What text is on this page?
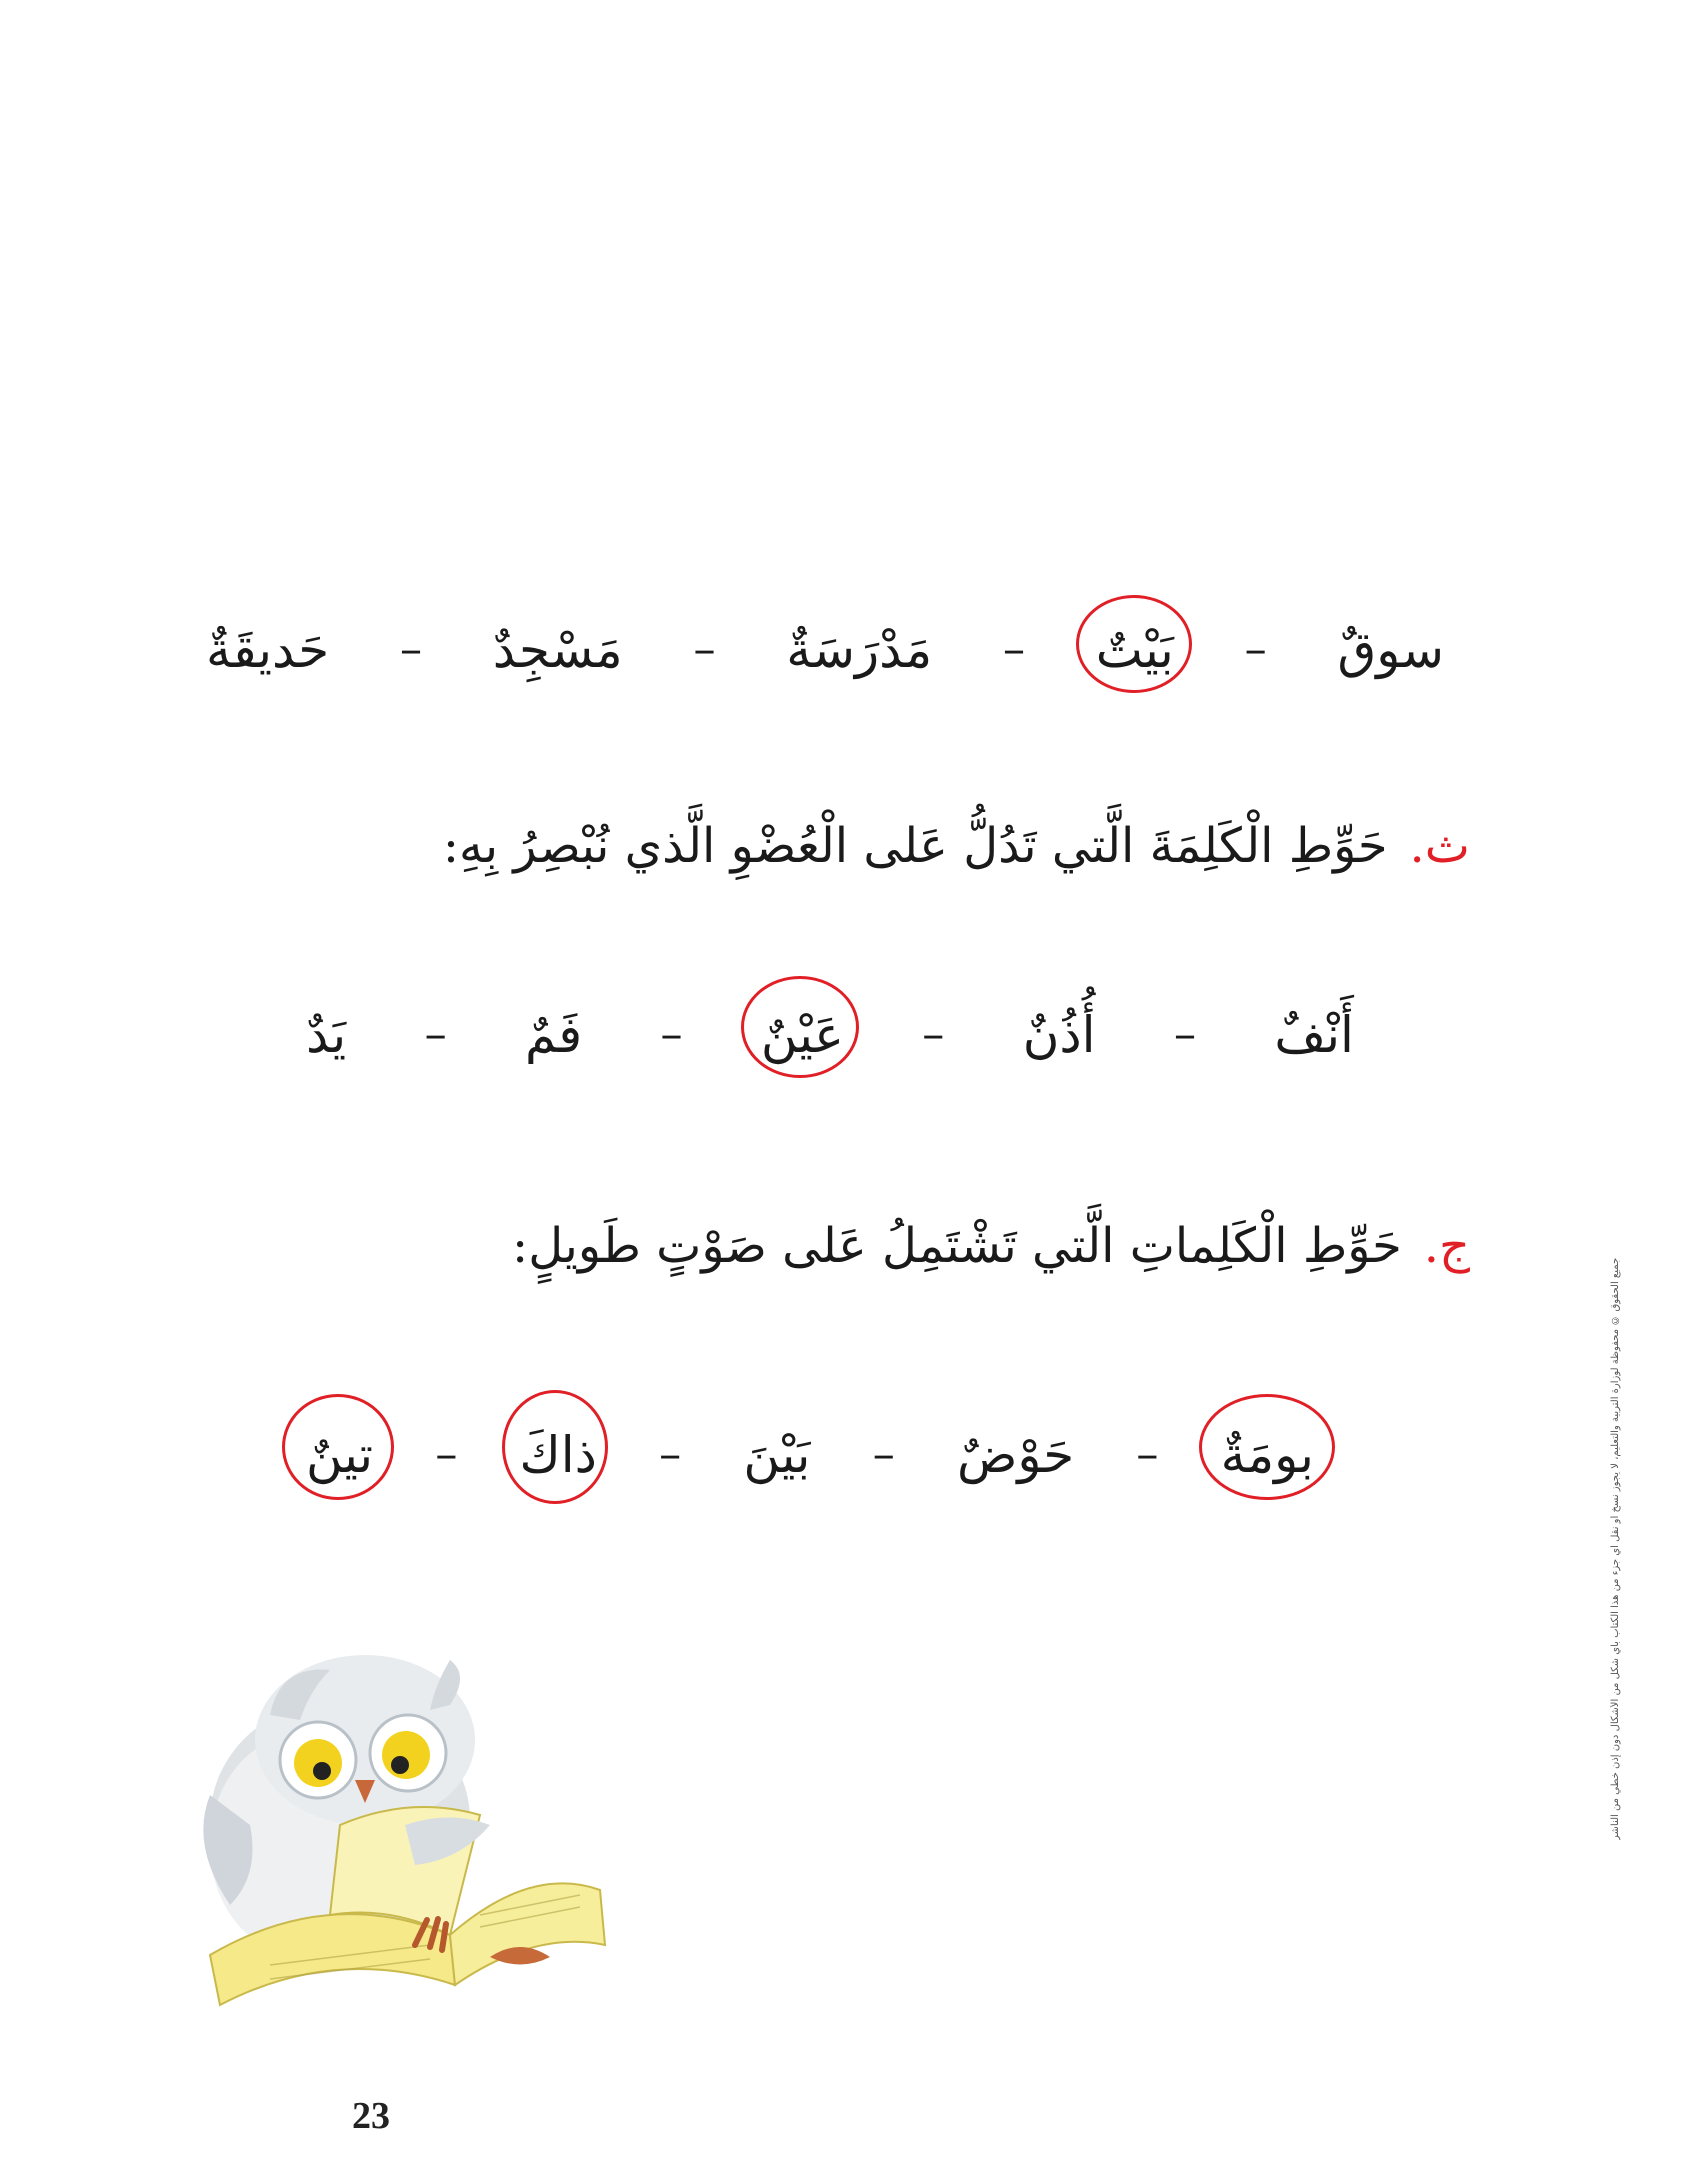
سوقٌ
–
بَيْتٌ
–
مَدْرَسَةٌ
–
مَسْجِدٌ
–
حَديقَةٌ
ث.حَوِّطِ الْكَلِمَةَ الَّتي تَدُلُّ عَلى الْعُضْوِ الَّذي نُبْصِرُ بِهِ:
أَنْفٌ
–
أُذُنٌ
–
عَيْنٌ
–
فَمٌ
–
يَدٌ
ج.حَوِّطِ الْكَلِماتِ الَّتي تَشْتَمِلُ عَلى صَوْتٍ طَويلٍ:
بومَةٌ
–
حَوْضٌ
–
بَيْنَ
–
ذاكَ
–
تينٌ	جميع الحقوق © محفوظة لوزارة التربية والتعليم، لا يجوز نسخ أو نقل أي جزء من هذا الكتاب بأي شكل من الأشكال دون إذن خطي من الناشر
23
